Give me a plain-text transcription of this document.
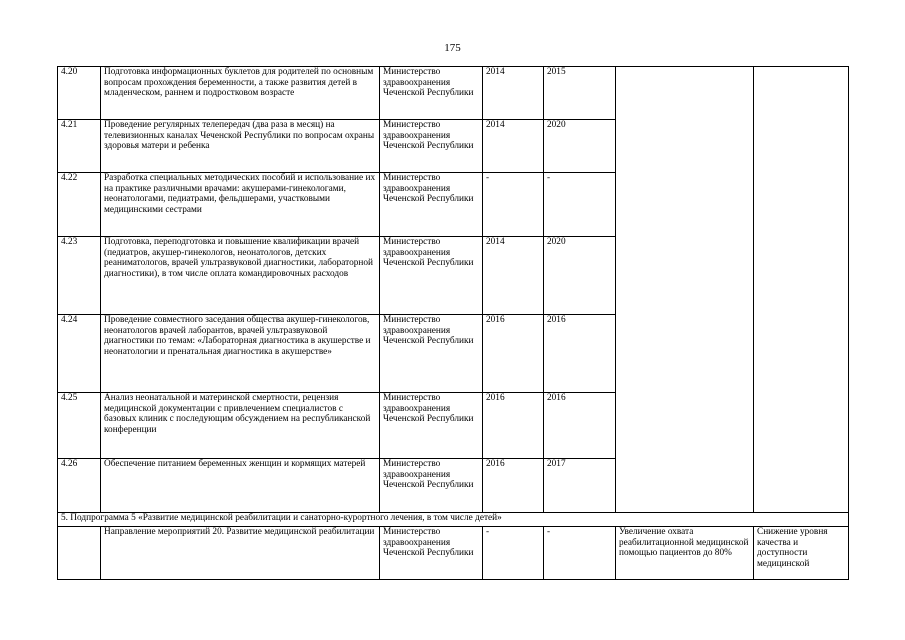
175
4.20	Подготовка информационных буклетов для родителей по основным вопросам прохождения беременности, а также развития детей в младенческом, раннем и подростковом возрасте	Министерство здравоохранения Чеченской Республики	2014	2015		
4.21	Проведение регулярных телепередач (два раза в месяц) на телевизионных каналах Чеченской Республики по вопросам охраны здоровья матери и ребенка	Министерство здравоохранения Чеченской Республики	2014	2020		
4.22	Разработка специальных методических пособий и использование их на практике различными врачами: акушерами-гинекологами, неонатологами, педиатрами, фельдшерами, участковыми медицинскими сестрами	Министерство здравоохранения Чеченской Республики	-	-		
4.23	Подготовка, переподготовка и повышение квалификации врачей (педиатров, акушер-гинекологов, неонатологов, детских реаниматологов, врачей ультразвуковой диагностики, лабораторной диагностики), в том числе оплата командировочных расходов	Министерство здравоохранения Чеченской Республики	2014	2020		
4.24	Проведение совместного заседания общества акушер-гинекологов, неонатологов врачей лаборантов, врачей ультразвуковой диагностики по темам: «Лабораторная диагностика в акушерстве и неонатологии и пренатальная диагностика в акушерстве»	Министерство здравоохранения Чеченской Республики	2016	2016		
4.25	Анализ неонатальной и материнской смертности, рецензия медицинской документации с привлечением специалистов с базовых клиник с последующим обсуждением на республиканской конференции	Министерство здравоохранения Чеченской Республики	2016	2016		
4.26	Обеспечение питанием беременных женщин и кормящих матерей	Министерство здравоохранения Чеченской Республики	2016	2017		
5. Подпрограмма 5 «Развитие медицинской реабилитации и санаторно-курортного лечения, в том числе детей»						
	Направление мероприятий 20. Развитие медицинской реабилитации	Министерство здравоохранения Чеченской Республики	-	-	Увеличение охвата реабилитационной медицинской помощью пациентов до 80%	Снижение уровня качества и доступности медицинской
